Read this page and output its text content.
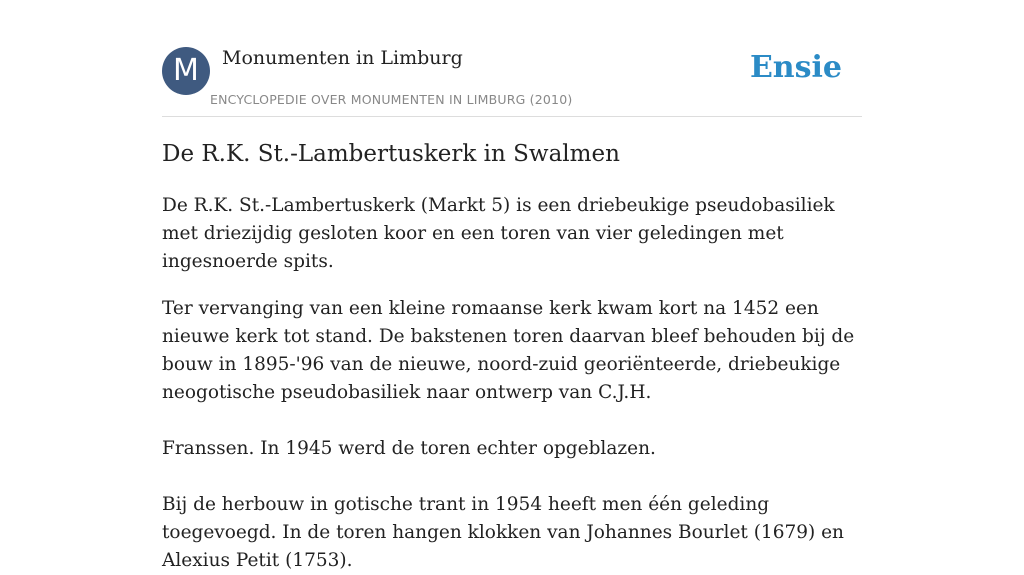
M	Monumenten in Limburg
ENCYCLOPEDIE OVER MONUMENTEN IN LIMBURG (2010)
Ensie
De R.K. St.-Lambertuskerk in Swalmen

De R.K. St.-Lambertuskerk (Markt 5) is een driebeukige pseudobasiliek met driezijdig gesloten koor en een toren van vier geledingen met ingesnoerde spits.

Ter vervanging van een kleine romaanse kerk kwam kort na 1452 een nieuwe kerk tot stand. De bakstenen toren daarvan bleef behouden bij de bouw in 1895-'96 van de nieuwe, noord-zuid georiënteerde, driebeukige neogotische pseudobasiliek naar ontwerp van C.J.H.

Franssen. In 1945 werd de toren echter opgeblazen.

Bij de herbouw in gotische trant in 1954 heeft men één geleding toegevoegd. In de toren hangen klokken van Johannes Bourlet (1679) en Alexius Petit (1753).
